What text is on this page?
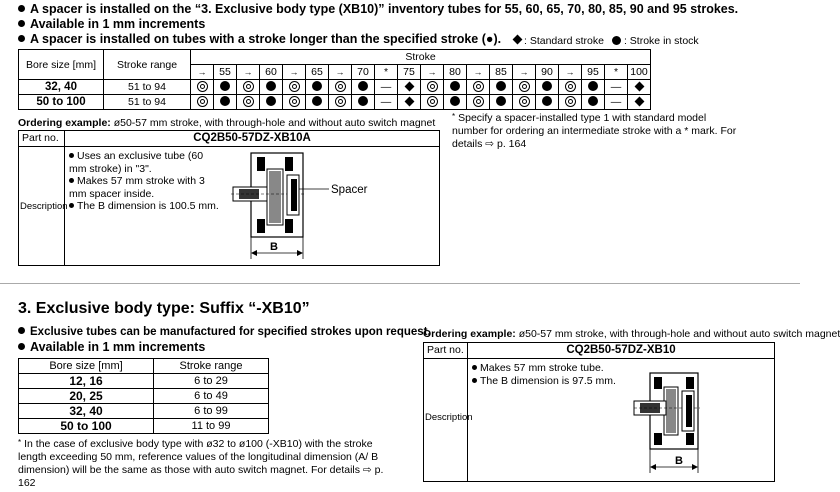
A spacer is installed on the “3. Exclusive body type (XB10)” inventory tubes for 55, 60, 65, 70, 80, 85, 90 and 95 strokes.
Available in 1 mm increments
A spacer is installed on tubes with a stroke longer than the specified stroke (●).	: Standard stroke : Stroke in stock
Bore size [mm]	Stroke range	Stroke																			
		→	55	→	60	→	65	→	70	*	75	→	80	→	85	→	90	→	95	*	100
32, 40	51 to 94									—										—	
50 to 100	51 to 94									—										—	
Ordering example: ø50-57 mm stroke, with through-hole and without auto switch magnet
Part no.	CQ2B50-57DZ-XB10A
Description
Uses an exclusive tube (60 mm stroke) in "3".
Makes 57 mm stroke with 3 mm spacer inside.
The B dimension is 100.5 mm.
Spacer
B
* Specify a spacer-installed type 1 with standard model number for ordering an intermediate stroke with a * mark. For details ⇨ p. 164
3. Exclusive body type: Suffix “-XB10”
Exclusive tubes can be manufactured for specified strokes upon request.
Available in 1 mm increments
Bore size [mm]	Stroke range
12, 16	6 to 29
20, 25	6 to 49
32, 40	6 to 99
50 to 100	11 to 99
* In the case of exclusive body type with ø32 to ø100 (-XB10) with the stroke length exceeding 50 mm, reference values of the longitudinal dimension (A/ B dimension) will be the same as those with auto switch magnet. For details ⇨ p. 162
Ordering example: ø50-57 mm stroke, with through-hole and without auto switch magnet
Part no.	CQ2B50-57DZ-XB10
Description
Makes 57 mm stroke tube.
The B dimension is 97.5 mm.
B
